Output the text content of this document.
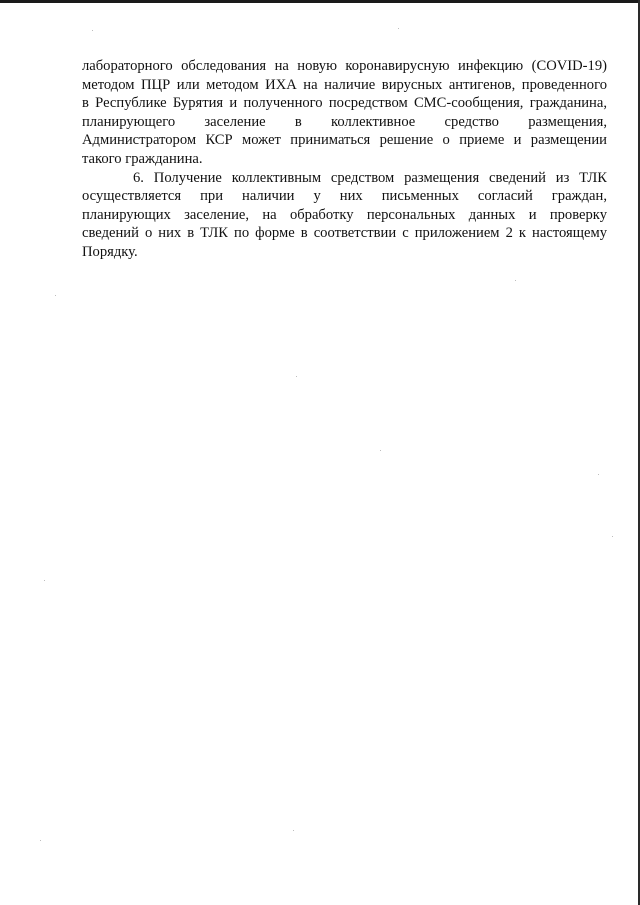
лабораторного обследования на новую коронавирусную инфекцию (COVID-19)
методом ПЦР или методом ИХА на наличие вирусных антигенов, проведенного
в Республике Бурятия и полученного посредством СМС-сообщения, гражданина,
планирующего заселение в коллективное средство размещения,
Администратором КСР может приниматься решение о приеме и размещении
такого гражданина.
6. Получение коллективным средством размещения сведений из ТЛК
осуществляется при наличии у них письменных согласий граждан,
планирующих заселение, на обработку персональных данных и проверку
сведений о них в ТЛК по форме в соответствии с приложением 2 к настоящему
Порядку.
